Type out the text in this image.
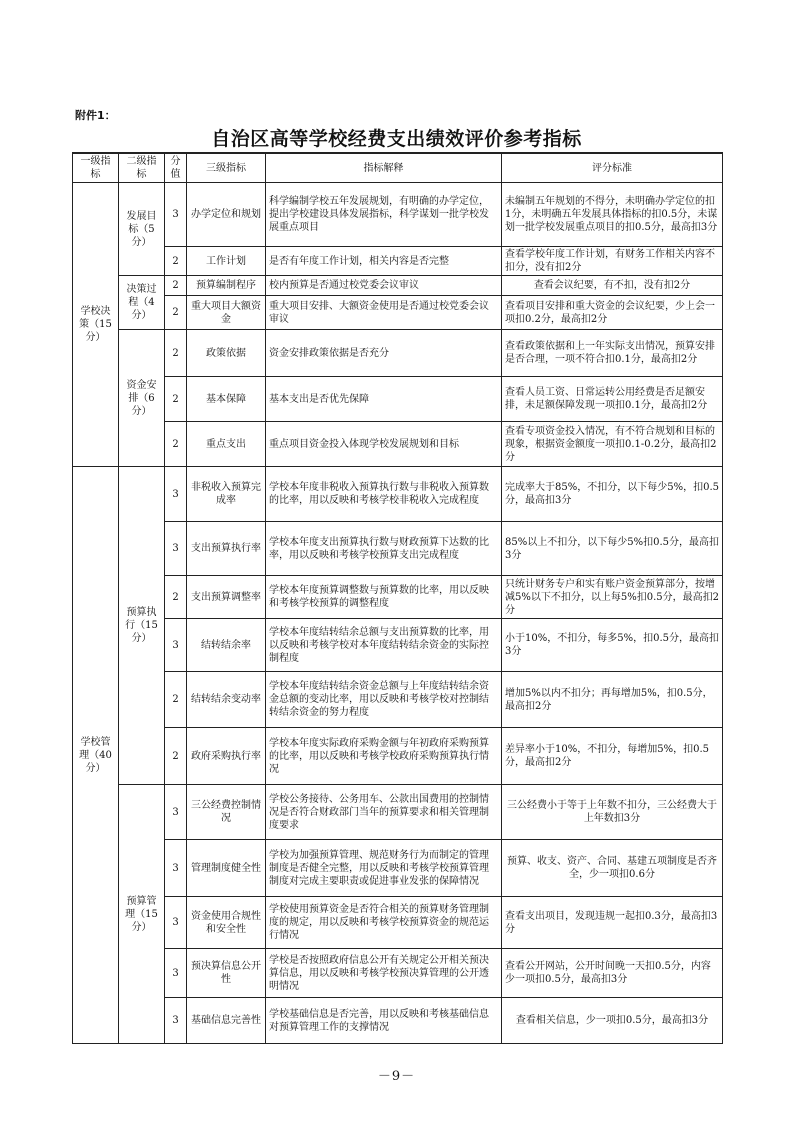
附件1：
自治区高等学校经费支出绩效评价参考指标
一级指标	二级指标	分值	三级指标	指标解释	评分标准
学校决策（15分）	发展目标（5分）	3	办学定位和规划	科学编制学校五年发展规划，有明确的办学定位，提出学校建设具体发展指标，科学谋划一批学校发展重点项目	未编制五年规划的不得分，未明确办学定位的扣1分，未明确五年发展具体指标的扣0.5分，未谋划一批学校发展重点项目的扣0.5分，最高扣3分
		2	工作计划	是否有年度工作计划，相关内容是否完整	查看学校年度工作计划，有财务工作相关内容不扣分，没有扣2分
	决策过程（4分）	2	预算编制程序	校内预算是否通过校党委会议审议	查看会议纪要，有不扣，没有扣2分
		2	重大项目大额资金	重大项目安排、大额资金使用是否通过校党委会议审议	查看项目安排和重大资金的会议纪要，少上会一项扣0.2分，最高扣2分
	资金安排（6分）	2	政策依据	资金安排政策依据是否充分	查看政策依据和上一年实际支出情况，预算安排是否合理，一项不符合扣0.1分，最高扣2分
		2	基本保障	基本支出是否优先保障	查看人员工资、日常运转公用经费是否足额安排，未足额保障发现一项扣0.1分，最高扣2分
		2	重点支出	重点项目资金投入体现学校发展规划和目标	查看专项资金投入情况，有不符合规划和目标的现象，根据资金额度一项扣0.1-0.2分，最高扣2分
学校管理（40分）	预算执行（15分）	3	非税收入预算完成率	学校本年度非税收入预算执行数与非税收入预算数的比率，用以反映和考核学校非税收入完成程度	完成率大于85%，不扣分，以下每少5%，扣0.5分，最高扣3分
		3	支出预算执行率	学校本年度支出预算执行数与财政预算下达数的比率，用以反映和考核学校预算支出完成程度	85%以上不扣分，以下每少5%扣0.5分，最高扣3分
		2	支出预算调整率	学校本年度预算调整数与预算数的比率，用以反映和考核学校预算的调整程度	只统计财务专户和实有账户资金预算部分，按增减5%以下不扣分，以上每5%扣0.5分，最高扣2分
		3	结转结余率	学校本年度结转结余总额与支出预算数的比率，用以反映和考核学校对本年度结转结余资金的实际控制程度	小于10%，不扣分，每多5%，扣0.5分，最高扣3分
		2	结转结余变动率	学校本年度结转结余资金总额与上年度结转结余资金总额的变动比率，用以反映和考核学校对控制结转结余资金的努力程度	增加5%以内不扣分；再每增加5%，扣0.5分，最高扣2分
		2	政府采购执行率	学校本年度实际政府采购金额与年初政府采购预算的比率，用以反映和考核学校政府采购预算执行情况	差异率小于10%，不扣分，每增加5%，扣0.5分，最高扣2分
	预算管理（15分）	3	三公经费控制情况	学校公务接待、公务用车、公款出国费用的控制情况是否符合财政部门当年的预算要求和相关管理制度要求	三公经费小于等于上年数不扣分，三公经费大于上年数扣3分
		3	管理制度健全性	学校为加强预算管理、规范财务行为而制定的管理制度是否健全完整，用以反映和考核学校预算管理制度对完成主要职责或促进事业发张的保障情况	预算、收支、资产、合同、基建五项制度是否齐全，少一项扣0.6分
		3	资金使用合规性和安全性	学校使用预算资金是否符合相关的预算财务管理制度的规定，用以反映和考核学校预算资金的规范运行情况	查看支出项目，发现违规一起扣0.3分，最高扣3分
		3	预决算信息公开性	学校是否按照政府信息公开有关规定公开相关预决算信息，用以反映和考核学校预决算管理的公开透明情况	查看公开网站，公开时间晚一天扣0.5分，内容少一项扣0.5分，最高扣3分
		3	基础信息完善性	学校基础信息是否完善，用以反映和考核基础信息对预算管理工作的支撑情况	查看相关信息，少一项扣0.5分，最高扣3分
－9－
